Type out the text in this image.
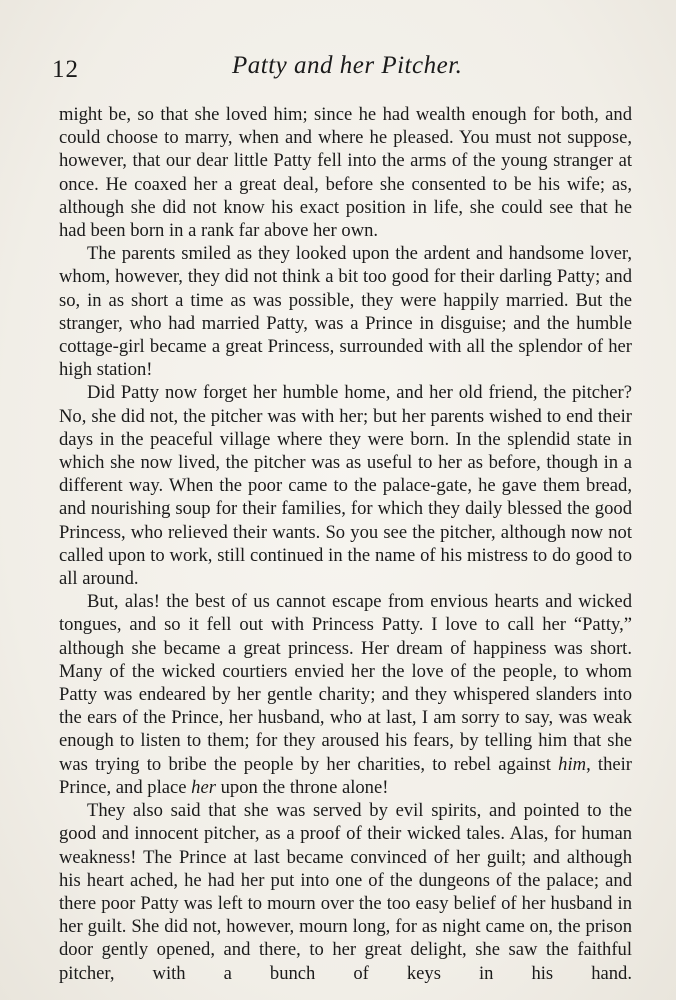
12	Patty and her Pitcher.

might be, so that she loved him; since he had wealth enough for both, and could choose to marry, when and where he pleased. You must not suppose, however, that our dear little Patty fell into the arms of the young stranger at once. He coaxed her a great deal, before she consented to be his wife; as, although she did not know his exact position in life, she could see that he had been born in a rank far above her own.

The parents smiled as they looked upon the ardent and handsome lover, whom, however, they did not think a bit too good for their darling Patty; and so, in as short a time as was possible, they were happily married. But the stranger, who had married Patty, was a Prince in disguise; and the humble cottage-girl became a great Princess, surrounded with all the splendor of her high station!

Did Patty now forget her humble home, and her old friend, the pitcher? No, she did not, the pitcher was with her; but her parents wished to end their days in the peaceful village where they were born. In the splendid state in which she now lived, the pitcher was as useful to her as before, though in a different way. When the poor came to the palace-gate, he gave them bread, and nourishing soup for their families, for which they daily blessed the good Princess, who relieved their wants. So you see the pitcher, although now not called upon to work, still continued in the name of his mistress to do good to all around.

But, alas! the best of us cannot escape from envious hearts and wicked tongues, and so it fell out with Princess Patty. I love to call her “Patty,” although she became a great princess. Her dream of happiness was short. Many of the wicked courtiers envied her the love of the people, to whom Patty was endeared by her gentle charity; and they whispered slanders into the ears of the Prince, her husband, who at last, I am sorry to say, was weak enough to listen to them; for they aroused his fears, by telling him that she was trying to bribe the people by her charities, to rebel against him, their Prince, and place her upon the throne alone!

They also said that she was served by evil spirits, and pointed to the good and innocent pitcher, as a proof of their wicked tales. Alas, for human weakness! The Prince at last became convinced of her guilt; and although his heart ached, he had her put into one of the dungeons of the palace; and there poor Patty was left to mourn over the too easy belief of her husband in her guilt. She did not, however, mourn long, for as night came on, the prison door gently opened, and there, to her great delight, she saw the faithful pitcher, with a bunch of keys in his hand.
